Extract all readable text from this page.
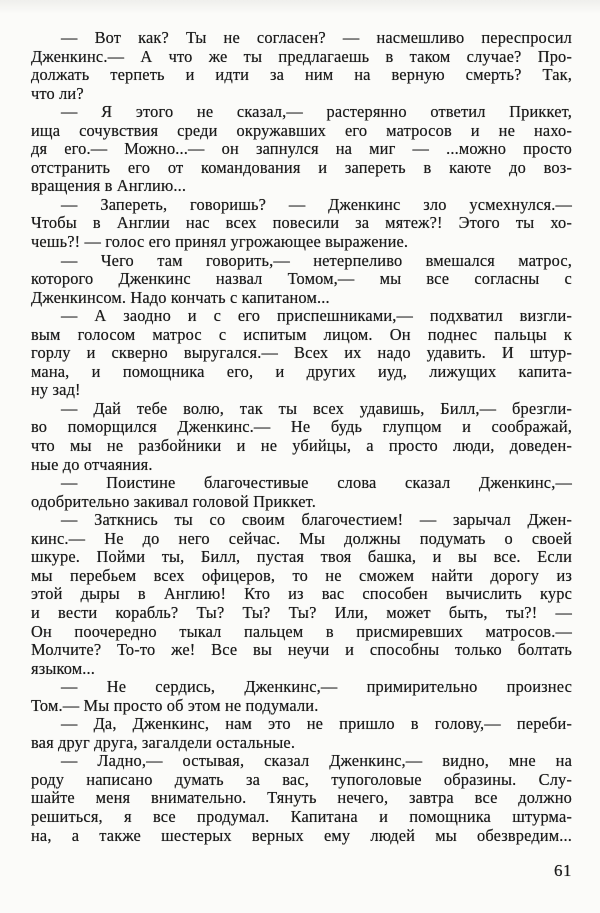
— Вот как? Ты не согласен? — насмешливо переспросил
Дженкинс.— А что же ты предлагаешь в таком случае? Про-
должать терпеть и идти за ним на верную смерть? Так,
что ли?
— Я этого не сказал,— растерянно ответил Приккет,
ища сочувствия среди окружавших его матросов и не нахо-
дя его.— Можно...— он запнулся на миг — ...можно просто
отстранить его от командования и запереть в каюте до воз-
вращения в Англию...
— Запереть, говоришь? — Дженкинс зло усмехнулся.—
Чтобы в Англии нас всех повесили за мятеж?! Этого ты хо-
чешь?! — голос его принял угрожающее выражение.
— Чего там говорить,— нетерпеливо вмешался матрос,
которого Дженкинс назвал Томом,— мы все согласны с
Дженкинсом. Надо кончать с капитаном...
— А заодно и с его приспешниками,— подхватил визгли-
вым голосом матрос с испитым лицом. Он поднес пальцы к
горлу и скверно выругался.— Всех их надо удавить. И штур-
мана, и помощника его, и других иуд, лижущих капита-
ну зад!
— Дай тебе волю, так ты всех удавишь, Билл,— брезгли-
во поморщился Дженкинс.— Не будь глупцом и соображай,
что мы не разбойники и не убийцы, а просто люди, доведен-
ные до отчаяния.
— Поистине благочестивые слова сказал Дженкинс,—
одобрительно закивал головой Приккет.
— Заткнись ты со своим благочестием! — зарычал Джен-
кинс.— Не до него сейчас. Мы должны подумать о своей
шкуре. Пойми ты, Билл, пустая твоя башка, и вы все. Если
мы перебьем всех офицеров, то не сможем найти дорогу из
этой дыры в Англию! Кто из вас способен вычислить курс
и вести корабль? Ты? Ты? Ты? Или, может быть, ты?! —
Он поочередно тыкал пальцем в присмиревших матросов.—
Молчите? То-то же! Все вы неучи и способны только болтать
языком...
— Не сердись, Дженкинс,— примирительно произнес
Том.— Мы просто об этом не подумали.
— Да, Дженкинс, нам это не пришло в голову,— переби-
вая друг друга, загалдели остальные.
— Ладно,— остывая, сказал Дженкинс,— видно, мне на
роду написано думать за вас, тупоголовые образины. Слу-
шайте меня внимательно. Тянуть нечего, завтра все должно
решиться, я все продумал. Капитана и помощника штурма-
на, а также шестерых верных ему людей мы обезвредим...
61
